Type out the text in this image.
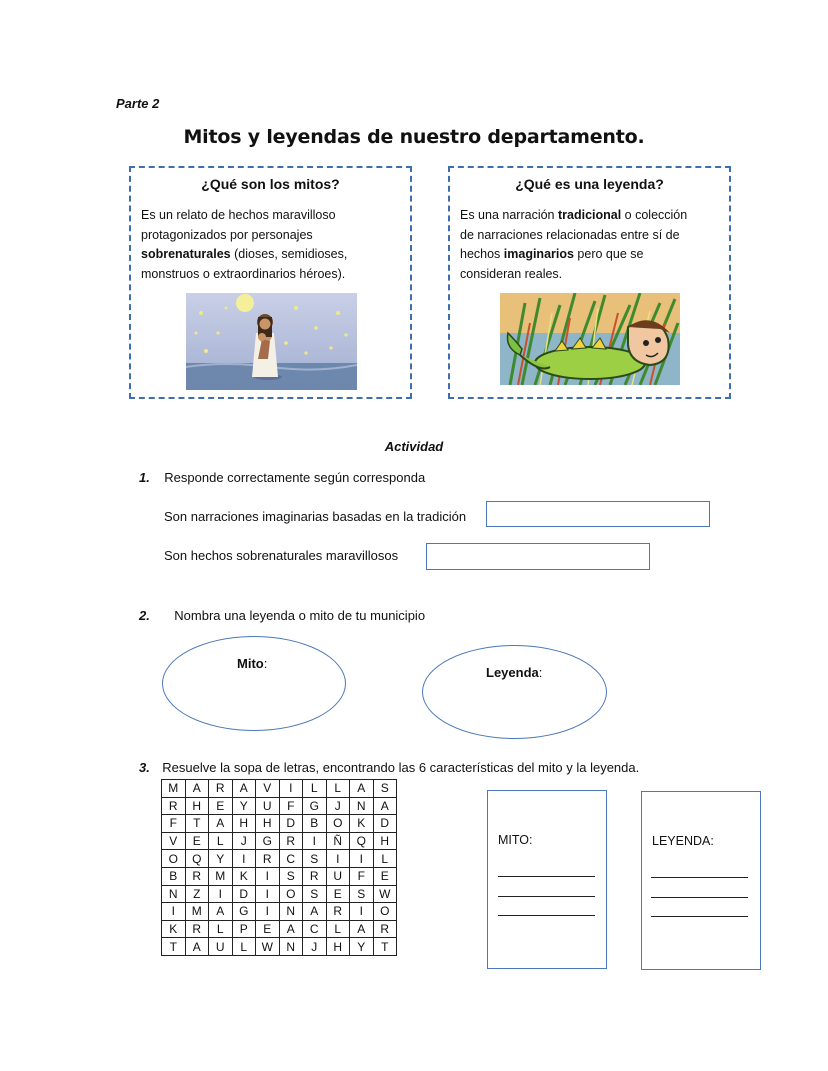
Parte 2
Mitos y leyendas de nuestro departamento.
¿Qué son los mitos?
Es un relato de hechos maravilloso
protagonizados por personajes
sobrenaturales (dioses, semidioses,
monstruos o extraordinarios héroes).
¿Qué es una leyenda?
Es una narración tradicional o colección
de narraciones relacionadas entre sí de
hechos imaginarios pero que se
consideran reales.
Actividad
1. Responde correctamente según corresponda
Son narraciones imaginarias basadas en la tradición
Son hechos sobrenaturales maravillosos
2. Nombra una leyenda o mito de tu municipio
Mito:
Leyenda:
3. Resuelve la sopa de letras, encontrando las 6 características del mito y la leyenda.
M	A	R	A	V	I	L	L	A	S
R	H	E	Y	U	F	G	J	N	A
F	T	A	H	H	D	B	O	K	D
V	E	L	J	G	R	I	Ñ	Q	H
O	Q	Y	I	R	C	S	I	I	L
B	R	M	K	I	S	R	U	F	E
N	Z	I	D	I	O	S	E	S	W
I	M	A	G	I	N	A	R	I	O
K	R	L	P	E	A	C	L	A	R
T	A	U	L	W	N	J	H	Y	T
MITO:	LEYENDA:
